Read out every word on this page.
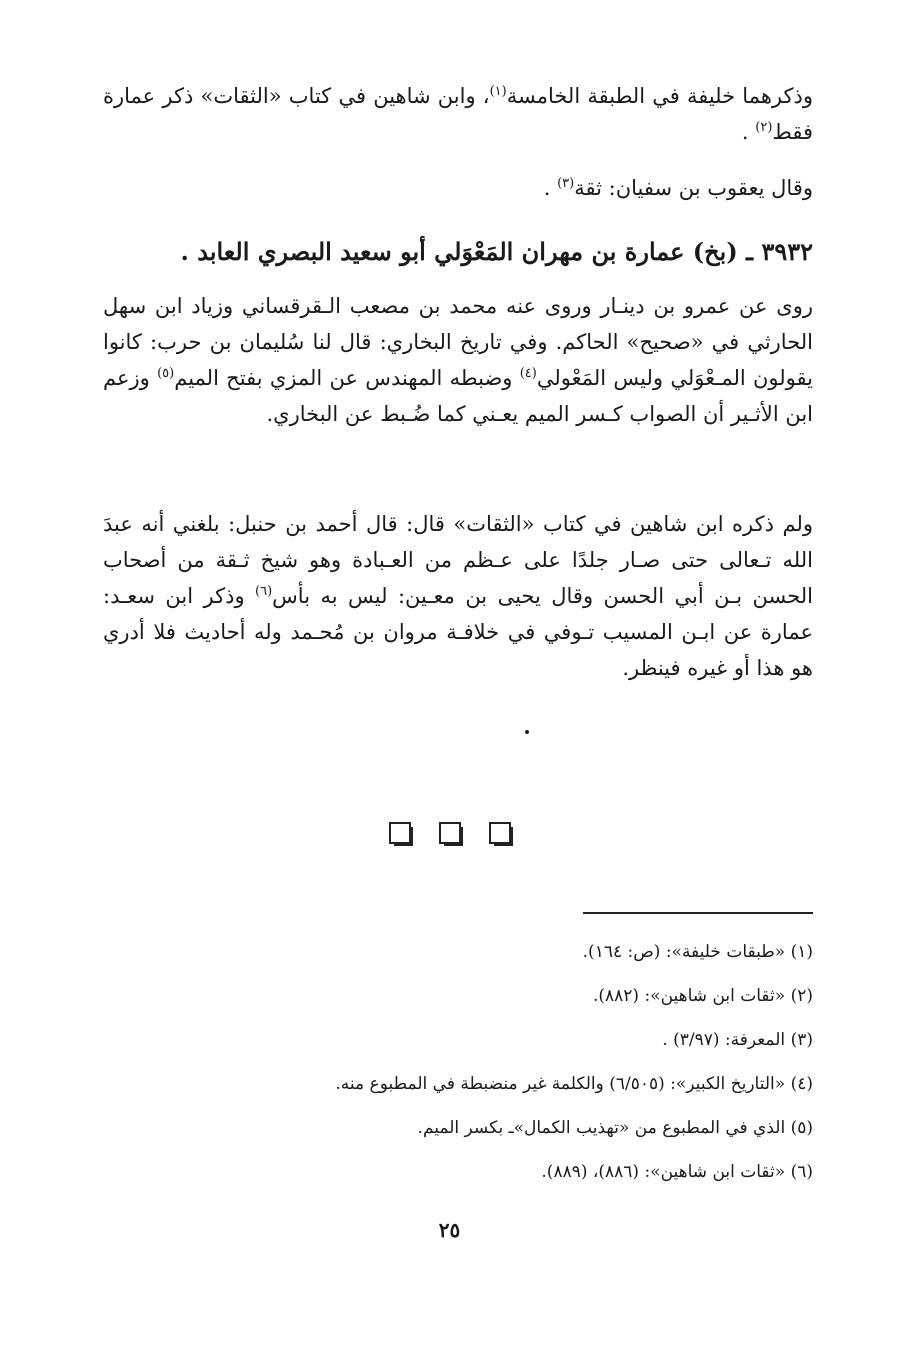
وذكرهما خليفة في الطبقة الخامسة$^{(١)}$، وابن شاهين في كتاب «الثقات» ذكر عمارة فقط$^{(٢)}$ .
وقال يعقوب بن سفيان: ثقة$^{(٣)}$ .
٣٩٣٢ ـ (بخ) عمارة بن مهران المَعْوَلي أبو سعيد البصري العابد .
روى عن عمرو بن دينـار وروى عنه محمد بن مصعب الـقرقساني وزياد ابن سهل الحارثي في «صحيح» الحاكم. وفي تاريخ البخاري: قال لنا سُليمان بن حرب: كانوا يقولون المـعْوَلي وليس المَعْولي$^{(٤)}$ وضبطه المهندس عن المزي بفتح الميم$^{(٥)}$ وزعم ابن الأثـير أن الصواب كـسر الميم يعـني كما ضُـبط عن البخاري.
ولم ذكره ابن شاهين في كتاب «الثقات» قال: قال أحمد بن حنبل: بلغني أنه عبدَ الله تـعالى حتى صـار جلدًا على عـظم من العـبادة وهو شيخ ثـقة من أصحاب الحسن بـن أبي الحسن وقال يحيى بن معـين: ليس به بأس$^{(٦)}$ وذكر ابن سعـد: عمارة عن ابـن المسيب تـوفي في خلافـة مروان بن مُحـمد وله أحاديث فلا أدري هو هذا أو غيره فينظر.
(١) «طبقات خليفة»: (ص: ١٦٤).
(٢) «ثقات ابن شاهين»: (٨٨٢).
(٣) المعرفة: (٣/٩٧) .
(٤) «التاريخ الكبير»: (٦/٥٠٥) والكلمة غير منضبطة في المطبوع منه.
(٥) الذي في المطبوع من «تهذيب الكمال»ـ بكسر الميم.
(٦) «ثقات ابن شاهين»: (٨٨٦)، (٨٨٩).
٢٥
